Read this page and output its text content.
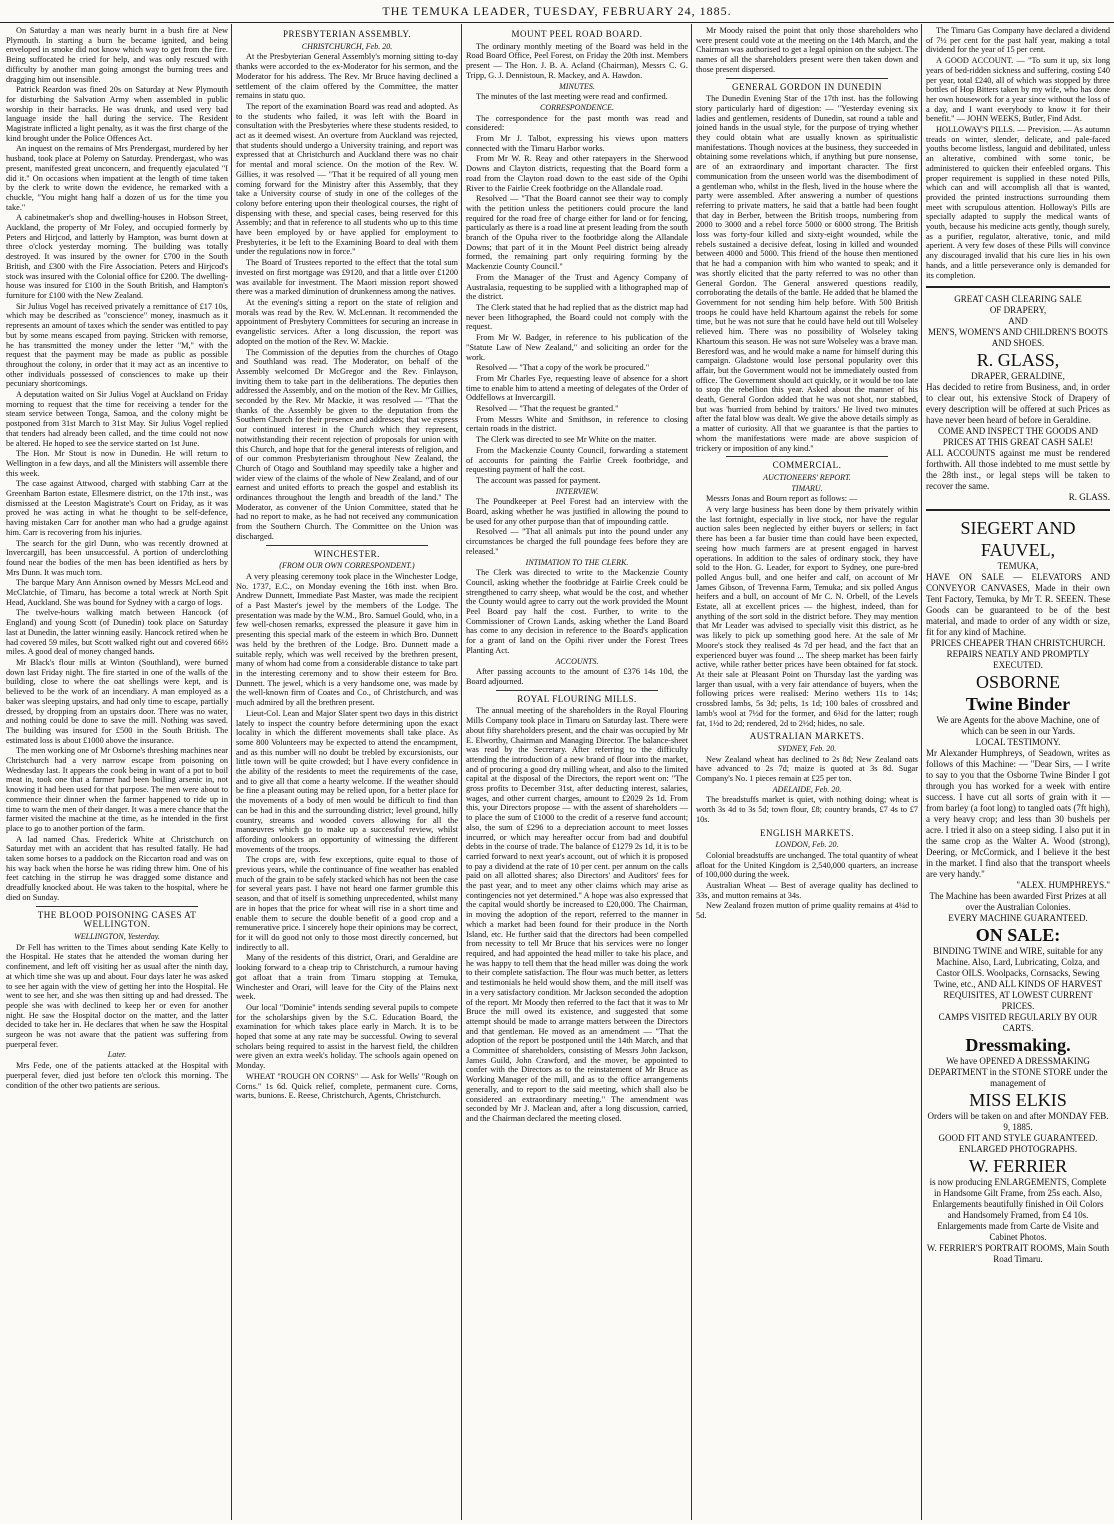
THE TEMUKA LEADER, TUESDAY, FEBRUARY 24, 1885.

On Saturday a man was nearly burnt in a bush fire at New Plymouth. In starting a burn he became ignited, and being enveloped in smoke did not know which way to get from the fire. Being suffocated he cried for help, and was only rescued with difficulty by another man going amongst the burning trees and dragging him out insensible.

Patrick Reardon was fined 20s on Saturday at New Plymouth for disturbing the Salvation Army when assembled in public worship in their barracks. He was drunk, and used very bad language inside the hall during the service. The Resident Magistrate inflicted a light penalty, as it was the first charge of the kind brought under the Police Offences Act.

An inquest on the remains of Mrs Prendergast, murdered by her husband, took place at Polemy on Saturday. Prendergast, who was present, manifested great unconcern, and frequently ejaculated "I did it." On occasions when impatient at the length of time taken by the clerk to write down the evidence, he remarked with a chuckle, "You might hang half a dozen of us for the time you take."

A cabinetmaker's shop and dwelling-houses in Hobson Street, Auckland, the property of Mr Foley, and occupied formerly by Peters and Hirjcod, and latterly by Hampton, was burnt down at three o'clock yesterday morning. The building was totally destroyed. It was insured by the owner for £700 in the South British, and £300 with the Fire Association. Peters and Hirjcod's stock was insured with the Colonial office for £200. The dwelling-house was insured for £100 in the South British, and Hampton's furniture for £100 with the New Zealand.

Sir Julius Vogel has received privately a remittance of £17 10s, which may be described as "conscience" money, inasmuch as it represents an amount of taxes which the sender was entitled to pay but by some means escaped from paying. Stricken with remorse, he has transmitted the money under the letter "M," with the request that the payment may be made as public as possible throughout the colony, in order that it may act as an incentive to other individuals possessed of consciences to make up their pecuniary shortcomings.

A deputation waited on Sir Julius Vogel at Auckland on Friday morning to request that the time for receiving a tender for the steam service between Tonga, Samoa, and the colony might be postponed from 31st March to 31st May. Sir Julius Vogel replied that tenders had already been called, and the time could not now be altered. He hoped to see the service started on 1st June.

The Hon. Mr Stout is now in Dunedin. He will return to Wellington in a few days, and all the Ministers will assemble there this week.

The case against Attwood, charged with stabbing Carr at the Greenham Barton estate, Ellesmere district, on the 17th inst., was dismissed at the Leeston Magistrate's Court on Friday, as it was proved he was acting in what he thought to be self-defence, having mistaken Carr for another man who had a grudge against him. Carr is recovering from his injuries.

The search for the girl Dunn, who was recently drowned at Invercargill, has been unsuccessful. A portion of underclothing found near the bodies of the men has been identified as hers by Mrs Dunn. It was much torn.

The barque Mary Ann Annison owned by Messrs McLeod and McClatchie, of Timaru, has become a total wreck at North Spit Head, Auckland. She was bound for Sydney with a cargo of logs.

The twelve-hours walking match between Hancock (of England) and young Scott (of Dunedin) took place on Saturday last at Dunedin, the latter winning easily. Hancock retired when he had covered 59 miles, but Scott walked right out and covered 66½ miles. A good deal of money changed hands.

Mr Black's flour mills at Winton (Southland), were burned down last Friday night. The fire started in one of the walls of the building, close to where the oat shellings were kept, and is believed to be the work of an incendiary. A man employed as a baker was sleeping upstairs, and had only time to escape, partially dressed, by dropping from an upstairs door. There was no water, and nothing could be done to save the mill. Nothing was saved. The building was insured for £500 in the South British. The estimated loss is about £1000 above the insurance.

The men working one of Mr Osborne's threshing machines near Christchurch had a very narrow escape from poisoning on Wednesday last. It appears the cook being in want of a pot to boil meat in, took one that a farmer had been boiling arsenic in, not knowing it had been used for that purpose. The men were about to commence their dinner when the farmer happened to ride up in time to warn the men of their danger. It was a mere chance that the farmer visited the machine at the time, as he intended in the first place to go to another portion of the farm.

A lad named Chas. Frederick White at Christchurch on Saturday met with an accident that has resulted fatally. He had taken some horses to a paddock on the Riccarton road and was on his way back when the horse he was riding threw him. One of his feet catching in the stirrup he was dragged some distance and dreadfully knocked about. He was taken to the hospital, where he died on Sunday.

THE BLOOD POISONING CASES AT WELLINGTON.
WELLINGTON, Yesterday.

Dr Fell has written to the Times about sending Kate Kelly to the Hospital. He states that he attended the woman during her confinement, and left off visiting her as usual after the ninth day, at which time she was up and about. Four days later he was asked to see her again with the view of getting her into the Hospital. He went to see her, and she was then sitting up and had dressed. The people she was with declined to keep her or even for another night. He saw the Hospital doctor on the matter, and the latter decided to take her in. He declares that when he saw the Hospital surgeon he was not aware that the patient was suffering from puerperal fever.

Later.

Mrs Fede, one of the patients attacked at the Hospital with puerperal fever, died just before ten o'clock this morning. The condition of the other two patients are serious.

PRESBYTERIAN ASSEMBLY.
CHRISTCHURCH, Feb. 20.

At the Presbyterian General Assembly's morning sitting to-day thanks were accorded to the ex-Moderator for his sermon, and the Moderator for his address. The Rev. Mr Bruce having declined a settlement of the claim offered by the Committee, the matter remains in statu quo.

The report of the examination Board was read and adopted. As to the students who failed, it was left with the Board in consultation with the Presbyteries where these students resided, to act as it deemed wisest. An overture from Auckland was rejected, that students should undergo a University training, and report was expressed that at Christchurch and Auckland there was no chair for mental and moral science. On the motion of the Rev. W. Gillies, it was resolved — "That it be required of all young men coming forward for the Ministry after this Assembly, that they take a University course of study in one of the colleges of the colony before entering upon their theological courses, the right of dispensing with these, and special cases, being reserved for this Assembly; and that in reference to all students who up to this time have been employed by or have applied for employment to Presbyteries, it be left to the Examining Board to deal with them under the regulations now in force."

The Board of Trustees reported to the effect that the total sum invested on first mortgage was £9120, and that a little over £1200 was available for investment. The Maori mission report showed there was a marked diminution of drunkenness among the natives.

At the evening's sitting a report on the state of religion and morals was read by the Rev. W. McLennan. It recommended the appointment of Presbytery Committees for securing an increase in evangelistic services. After a long discussion, the report was adopted on the motion of the Rev. W. Mackie.

The Commission of the deputies from the churches of Otago and Southland was read. The Moderator, on behalf of the Assembly welcomed Dr McGregor and the Rev. Finlayson, inviting them to take part in the deliberations. The deputies then addressed the Assembly, and on the motion of the Rev. Mr Gillies, seconded by the Rev. Mr Mackie, it was resolved — "That the thanks of the Assembly be given to the deputation from the Southern Church for their presence and addresses; that we express our continued interest in the Church which they represent, notwithstanding their recent rejection of proposals for union with this Church, and hope that for the general interests of religion, and of our common Presbyterianism throughout New Zealand, the Church of Otago and Southland may speedily take a higher and wider view of the claims of the whole of New Zealand, and of our earnest and united efforts to preach the gospel and establish its ordinances throughout the length and breadth of the land." The Moderator, as convener of the Union Committee, stated that he had no report to make, as he had not received any communication from the Southern Church. The Committee on the Union was discharged.

WINCHESTER.
(FROM OUR OWN CORRESPONDENT.)

A very pleasing ceremony took place in the Winchester Lodge, No. 1737, E.C., on Monday evening the 16th inst. when Bro. Andrew Dunnett, Immediate Past Master, was made the recipient of a Past Master's jewel by the members of the Lodge. The presentation was made by the W.M., Bro. Samuel Gould, who, in a few well-chosen remarks, expressed the pleasure it gave him in presenting this special mark of the esteem in which Bro. Dunnett was held by the brethren of the Lodge. Bro. Dunnett made a suitable reply, which was well received by the brethren present, many of whom had come from a considerable distance to take part in the interesting ceremony and to show their esteem for Bro. Dunnett. The jewel, which is a very handsome one, was made by the well-known firm of Coates and Co., of Christchurch, and was much admired by all the brethren present.

Lieut-Col. Lean and Major Slater spent two days in this district lately to inspect the country before determining upon the exact locality in which the different movements shall take place. As some 800 Volunteers may be expected to attend the encampment, and as this number will no doubt be trebled by excursionists, our little town will be quite crowded; but I have every confidence in the ability of the residents to meet the requirements of the case, and to give all that come a hearty welcome. If the weather should be fine a pleasant outing may be relied upon, for a better place for the movements of a body of men would be difficult to find than can be had in this and the surrounding district; level ground, hilly country, streams and wooded covers allowing for all the manœuvres which go to make up a successful review, whilst affording onlookers an opportunity of witnessing the different movements of the troops.

The crops are, with few exceptions, quite equal to those of previous years, while the continuance of fine weather has enabled much of the grain to be safely stacked which has not been the case for several years past. I have not heard one farmer grumble this season, and that of itself is something unprecedented, whilst many are in hopes that the price for wheat will rise in a short time and enable them to secure the double benefit of a good crop and a remunerative price. I sincerely hope their opinions may be correct, for it will do good not only to those most directly concerned, but indirectly to all.

Many of the residents of this district, Orari, and Geraldine are looking forward to a cheap trip to Christchurch, a rumour having got afloat that a train from Timaru stopping at Temuka, Winchester and Orari, will leave for the City of the Plains next week.

Our local "Dominie" intends sending several pupils to compete for the scholarships given by the S.C. Education Board, the examination for which takes place early in March. It is to be hoped that some at any rate may be successful. Owing to several scholars being required to assist in the harvest field, the children were given an extra week's holiday. The schools again opened on Monday.

WHEAT "ROUGH ON CORNS" — Ask for Wells' "Rough on Corns." 1s 6d. Quick relief, complete, permanent cure. Corns, warts, bunions. E. Reese, Christchurch, Agents, Christchurch.

MOUNT PEEL ROAD BOARD.

The ordinary monthly meeting of the Board was held in the Road Board Office, Peel Forest, on Friday the 20th inst. Members present — The Hon. J. B. A. Acland (Chairman), Messrs C. G. Tripp, G. J. Dennistoun, R. Mackey, and A. Hawdon.

MINUTES.

The minutes of the last meeting were read and confirmed.

CORRESPONDENCE.

The correspondence for the past month was read and considered:

From Mr J. Talbot, expressing his views upon matters connected with the Timaru Harbor works.

From Mr W. R. Reay and other ratepayers in the Sherwood Downs and Clayton districts, requesting that the Board form a road from the Clayton road down to the east side of the Opihi River to the Fairlie Creek footbridge on the Allandale road.

Resolved — "That the Board cannot see their way to comply with the petition unless the petitioners could procure the land required for the road free of charge either for land or for fencing, particularly as there is a road line at present leading from the south branch of the Opuha river to the footbridge along the Allandale Downs; that part of it in the Mount Peel district being already formed, the remaining part only requiring forming by the Mackenzie County Council."

From the Manager of the Trust and Agency Company of Australasia, requesting to be supplied with a lithographed map of the district.

The Clerk stated that he had replied that as the district map had never been lithographed, the Board could not comply with the request.

From Mr W. Badger, in reference to his publication of the "Statute Law of New Zealand," and soliciting an order for the work.

Resolved — "That a copy of the work be procured."

From Mr Charles Fye, requesting leave of absence for a short time to enable him to attend a meeting of delegates of the Order of Oddfellows at Invercargill.

Resolved — "That the request be granted."

From Messrs White and Smithson, in reference to closing certain roads in the district.

The Clerk was directed to see Mr White on the matter.

From the Mackenzie County Council, forwarding a statement of accounts for painting the Fairlie Creek footbridge, and requesting payment of half the cost.

The account was passed for payment.

INTERVIEW.

The Poundkeeper at Peel Forest had an interview with the Board, asking whether he was justified in allowing the pound to be used for any other purpose than that of impounding cattle.

Resolved — "That all animals put into the pound under any circumstances be charged the full poundage fees before they are released."

INTIMATION TO THE CLERK.

The Clerk was directed to write to the Mackenzie County Council, asking whether the footbridge at Fairlie Creek could be strengthened to carry sheep, what would be the cost, and whether the County would agree to carry out the work provided the Mount Peel Board pay half the cost. Further, to write to the Commissioner of Crown Lands, asking whether the Land Board has come to any decision in reference to the Board's application for a grant of land on the Opihi river under the Forest Trees Planting Act.

ACCOUNTS.

After passing accounts to the amount of £376 14s 10d, the Board adjourned.

ROYAL FLOURING MILLS.

The annual meeting of the shareholders in the Royal Flouring Mills Company took place in Timaru on Saturday last. There were about fifty shareholders present, and the chair was occupied by Mr E. Elworthy, Chairman and Managing Director. The balance-sheet was read by the Secretary. After referring to the difficulty attending the introduction of a new brand of flour into the market, and of procuring a good dry milling wheat, and also to the limited capital at the disposal of the Directors, the report went on: "The gross profits to December 31st, after deducting interest, salaries, wages, and other current charges, amount to £2029 2s 1d. From this, your Directors propose — with the assent of shareholders — to place the sum of £1000 to the credit of a reserve fund account; also, the sum of £296 to a depreciation account to meet losses incurred, or which may hereafter occur from bad and doubtful debts in the course of trade. The balance of £1279 2s 1d, it is to be carried forward to next year's account, out of which it is proposed to pay a dividend at the rate of 10 per cent. per annum on the calls paid on all allotted shares; also Directors' and Auditors' fees for the past year, and to meet any other claims which may arise as contingencies not yet determined." A hope was also expressed that the capital would shortly be increased to £20,000. The Chairman, in moving the adoption of the report, referred to the manner in which a market had been found for their produce in the North Island, etc. He further said that the directors had been compelled from necessity to tell Mr Bruce that his services were no longer required, and had appointed the head miller to take his place, and he was happy to tell them that the head miller was doing the work to their complete satisfaction. The flour was much better, as letters and testimonials he held would show them, and the mill itself was in a very satisfactory condition. Mr Jackson seconded the adoption of the report. Mr Moody then referred to the fact that it was to Mr Bruce the mill owed its existence, and suggested that some attempt should be made to arrange matters between the Directors and that gentleman. He moved as an amendment — "That the adoption of the report be postponed until the 14th March, and that a Committee of shareholders, consisting of Messrs John Jackson, James Guild, John Crawford, and the mover, be appointed to confer with the Directors as to the reinstatement of Mr Bruce as Working Manager of the mill, and as to the office arrangements generally, and to report to the said meeting, which shall also be considered an extraordinary meeting." The amendment was seconded by Mr J. Maclean and, after a long discussion, carried, and the Chairman declared the meeting closed.

Mr Moody raised the point that only those shareholders who were present could vote at the meeting on the 14th March, and the Chairman was authorised to get a legal opinion on the subject. The names of all the shareholders present were then taken down and those present dispersed.

GENERAL GORDON IN DUNEDIN

The Dunedin Evening Star of the 17th inst. has the following story particularly hard of digestion: — "Yesterday evening six ladies and gentlemen, residents of Dunedin, sat round a table and joined hands in the usual style, for the purpose of trying whether they could obtain what are usually known as spiritualistic manifestations. Though novices at the business, they succeeded in obtaining some revelations which, if anything but pure nonsense, are of an extraordinary and important character. The first communication from the unseen world was the disembodiment of a gentleman who, whilst in the flesh, lived in the house where the party were assembled. After answering a number of questions referring to private matters, he said that a battle had been fought that day in Berber, between the British troops, numbering from 2000 to 3000 and a rebel force 5000 or 6000 strong. The British loss was forty-four killed and sixty-eight wounded, while the rebels sustained a decisive defeat, losing in killed and wounded between 4000 and 5000. This friend of the house then mentioned that he had a companion with him who wanted to speak; and it was shortly elicited that the party referred to was no other than General Gordon. The General answered questions readily, corroborating the details of the battle. He added that he blamed the Government for not sending him help before. With 500 British troops he could have held Khartoum against the rebels for some time, but he was not sure that he could have held out till Wolseley relieved him. There was no possibility of Wolseley taking Khartoum this season. He was not sure Wolseley was a brave man. Beresford was, and he would make a name for himself during this campaign. Gladstone would lose personal popularity over this affair, but the Government would not be immediately ousted from office. The Government should act quickly, or it would be too late to stop the rebellion this year. Asked about the manner of his death, General Gordon added that he was not shot, nor stabbed, but was 'hurried from behind by traitors.' He lived two minutes after the fatal blow was dealt. We give the above details simply as a matter of curiosity. All that we guarantee is that the parties to whom the manifestations were made are above suspicion of trickery or imposition of any kind."

COMMERCIAL.
AUCTIONEERS' REPORT.
TIMARU.

Messrs Jonas and Bourn report as follows: —

A very large business has been done by them privately within the last fortnight, especially in live stock, nor have the regular auction sales been neglected by either buyers or sellers; in fact there has been a far busier time than could have been expected, seeing how much farmers are at present engaged in harvest operations. In addition to the sales of ordinary stock, they have sold to the Hon. G. Leader, for export to Sydney, one pure-bred polled Angus bull, and one heifer and calf, on account of Mr James Gibson, of Trevenna Farm, Temuka; and six polled Angus heifers and a bull, on account of Mr C. N. Orbell, of the Levels Estate, all at excellent prices — the highest, indeed, than for anything of the sort sold in the district before. They may mention that Mr Leader was advised to specially visit this district, as he was likely to pick up something good here. At the sale of Mr Moore's stock they realised 4s 7d per head, and the fact that an experienced buyer was found ... The sheep market has been fairly active, while rather better prices have been obtained for fat stock. At their sale at Pleasant Point on Thursday last the yarding was larger than usual, with a very fair attendance of buyers, when the following prices were realised: Merino wethers 11s to 14s; crossbred lambs, 5s 3d; pelts, 1s 1d; 100 bales of crossbred and lamb's wool at 7½d for the former, and 6¾d for the latter; rough fat, 1½d to 2d; rendered, 2d to 2½d; hides, no sale.

AUSTRALIAN MARKETS.
SYDNEY, Feb. 20.

New Zealand wheat has declined to 2s 8d; New Zealand oats have advanced to 2s 7d; maize is quoted at 3s 8d. Sugar Company's No. 1 pieces remain at £25 per ton.

ADELAIDE, Feb. 20.

The breadstuffs market is quiet, with nothing doing; wheat is worth 3s 4d to 3s 5d; town flour, £8; country brands, £7 4s to £7 10s.

ENGLISH MARKETS.
LONDON, Feb. 20.

Colonial breadstuffs are unchanged. The total quantity of wheat afloat for the United Kingdom is 2,540,000 quarters, an increase of 100,000 during the week.

Australian Wheat — Best of average quality has declined to 33s, and mutton remains at 34s.

New Zealand frozen mutton of prime quality remains at 4¼d to 5d.

The Timaru Gas Company have declared a dividend of 7½ per cent for the past half year, making a total dividend for the year of 15 per cent.

A GOOD ACCOUNT. — "To sum it up, six long years of bed-ridden sickness and suffering, costing £40 per year, total £240, all of which was stopped by three bottles of Hop Bitters taken by my wife, who has done her own housework for a year since without the loss of a day, and I want everybody to know it for their benefit." — JOHN WEEKS, Butler, Find Adst.

HOLLOWAY'S PILLS. — Prevision. — As autumn treads on winter, slender, delicate, and pale-faced youths become listless, languid and debilitated, unless an alterative, combined with some tonic, be administered to quicken their enfeebled organs. This proper requirement is supplied in these noted Pills, which can and will accomplish all that is wanted, provided the printed instructions surrounding them meet with scrupulous attention. Holloway's Pills are specially adapted to supply the medical wants of youth, because his medicine acts gently, though surely, as a purifier, regulator, alterative, tonic, and mild aperient. A very few doses of these Pills will convince any discouraged invalid that his cure lies in his own hands, and a little perseverance only is demanded for its completion.

GREAT CASH CLEARING SALE
OF DRAPERY,
AND
MEN'S, WOMEN'S AND CHILDREN'S BOOTS AND SHOES.
R. GLASS,
DRAPER, GERALDINE,
Has decided to retire from Business, and, in order to clear out, his extensive Stock of Drapery of every description will be offered at such Prices as have never been heard of before in Geraldine.
COME AND INSPECT THE GOODS AND PRICES AT THIS GREAT CASH SALE!
ALL ACCOUNTS against me must be rendered forthwith. All those indebted to me must settle by the 28th inst., or legal steps will be taken to recover the same.
R. GLASS.
SIEGERT AND
FAUVEL,
TEMUKA,
HAVE ON SALE — ELEVATORS AND CONVEYOR CANVASES, Made in their own Tent Factory, Temuka, by Mr T. R. SEEEN. These Goods can be guaranteed to be of the best material, and made to order of any width or size, fit for any kind of Machine.
PRICES CHEAPER THAN CHRISTCHURCH.
REPAIRS NEATLY AND PROMPTLY EXECUTED.
OSBORNE
Twine Binder
We are Agents for the above Machine, one of which can be seen in our Yards.
LOCAL TESTIMONY.
Mr Alexander Humphreys, of Seadown, writes as follows of this Machine: — "Dear Sirs, — I write to say to you that the Osborne Twine Binder I got through you has worked for a week with entire success. I have cut all sorts of grain with it — from barley (a foot long) to tangled oats (7ft high), a very heavy crop; and less than 30 bushels per acre. I tried it also on a steep siding. I also put it in the same crop as the Walter A. Wood (strong), Deering, or McCormick, and I believe it the best in the market. I find also that the transport wheels are very handy."
"ALEX. HUMPHREYS."
The Machine has been awarded First Prizes at all over the Australian Colonies.
EVERY MACHINE GUARANTEED.
ON SALE:
BINDING TWINE and WIRE, suitable for any Machine. Also, Lard, Lubricating, Colza, and Castor OILS. Woolpacks, Cornsacks, Sewing Twine, etc., AND ALL KINDS OF HARVEST REQUISITES, AT LOWEST CURRENT PRICES.
CAMPS VISITED REGULARLY BY OUR CARTS.
Dressmaking.
We have OPENED A DRESSMAKING DEPARTMENT in the STONE STORE under the management of
MISS ELKIS
Orders will be taken on and after MONDAY FEB. 9, 1885.
GOOD FIT AND STYLE GUARANTEED.
ENLARGED PHOTOGRAPHS.
W. FERRIER
is now producing ENLARGEMENTS, Complete in Handsome Gilt Frame, from 25s each. Also, Enlargements beautifully finished in Oil Colors and Handsomely Framed, from £4 10s. Enlargements made from Carte de Visite and Cabinet Photos.
W. FERRIER'S PORTRAIT ROOMS, Main South Road Timaru.
